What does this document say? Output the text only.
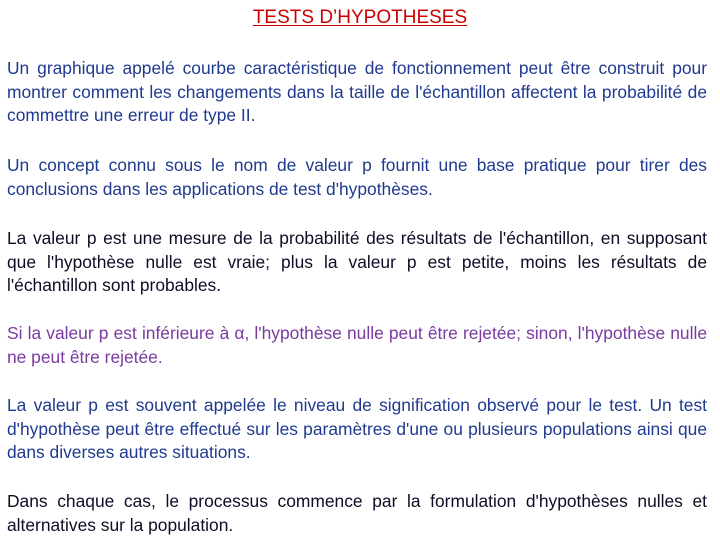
TESTS D’HYPOTHESES

Un graphique appelé courbe caractéristique de fonctionnement peut être construit pour montrer comment les changements dans la taille de l'échantillon affectent la probabilité de commettre une erreur de type II.

Un concept connu sous le nom de valeur p fournit une base pratique pour tirer des conclusions dans les applications de test d'hypothèses.

La valeur p est une mesure de la probabilité des résultats de l'échantillon, en supposant que l'hypothèse nulle est vraie; plus la valeur p est petite, moins les résultats de l'échantillon sont probables.

Si la valeur p est inférieure à α, l'hypothèse nulle peut être rejetée; sinon, l'hypothèse nulle ne peut être rejetée.

La valeur p est souvent appelée le niveau de signification observé pour le test. Un test d'hypothèse peut être effectué sur les paramètres d'une ou plusieurs populations ainsi que dans diverses autres situations.

Dans chaque cas, le processus commence par la formulation d'hypothèses nulles et alternatives sur la population.
